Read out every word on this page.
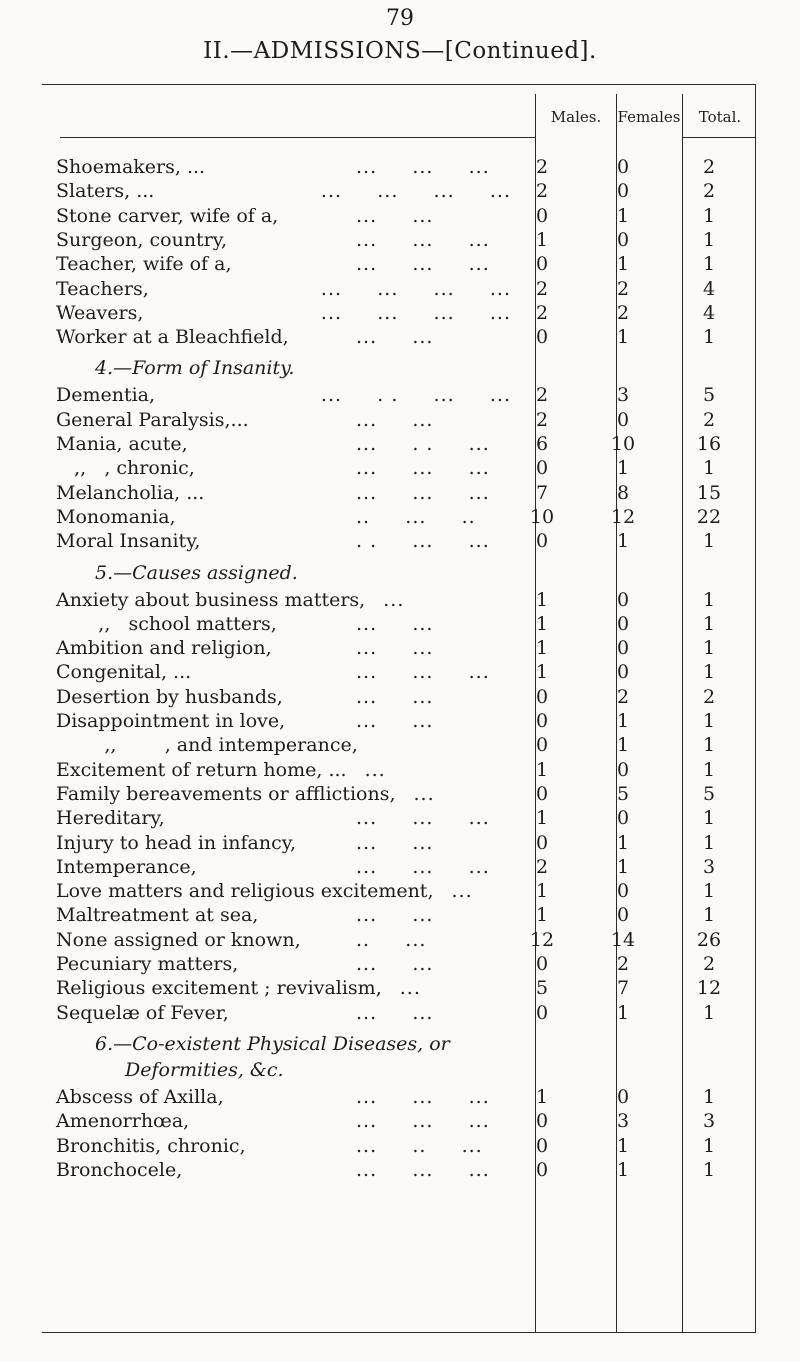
79
II.—ADMISSIONS—[Continued].
Males.	Females	Total.
Shoemakers, ...	...     ...     ...	2	0	2
Slaters, ...	...     ...     ...     ...	2	0	2
Stone carver, wife of a,	...     ...	0	1	1
Surgeon, country,	...     ...     ...	1	0	1
Teacher, wife of a,	...     ...     ...	0	1	1
Teachers,	...     ...     ...     ...	2	2	4
Weavers,	...     ...     ...     ...	2	2	4
Worker at a Bleachfield,	...     ...	0	1	1
4.—Form of Insanity.
Dementia,	...     . .     ...     ...	2	3	5
General Paralysis,...	...     ...	2	0	2
Mania, acute,	...     . .     ...	6	10	16
,,   , chronic,	...     ...     ...	0	1	1
Melancholia, ...	...     ...     ...	7	8	15
Monomania,	..     ...     ..	10	12	22
Moral Insanity,	. .     ...     ...	0	1	1
5.—Causes assigned.
Anxiety about business matters, ...	1	0	1
,,   school matters,	...     ...	1	0	1
Ambition and religion,	...     ...	1	0	1
Congenital, ...	...     ...     ...	1	0	1
Desertion by husbands,	...     ...	0	2	2
Disappointment in love,	...     ...	0	1	1
,,        , and intemperance,	0	1	1
Excitement of return home, ... ...	1	0	1
Family bereavements or afflictions, ...	0	5	5
Hereditary,	...     ...     ...	1	0	1
Injury to head in infancy,	...     ...	0	1	1
Intemperance,	...     ...     ...	2	1	3
Love matters and religious excitement, ...	1	0	1
Maltreatment at sea,	...     ...	1	0	1
None assigned or known,	..     ...	12	14	26
Pecuniary matters,	...     ...	0	2	2
Religious excitement ; revivalism, ...	5	7	12
Sequelæ of Fever,	...     ...	0	1	1
6.—Co-existent Physical Diseases, or
Deformities, &c.
Abscess of Axilla,	...     ...     ...	1	0	1
Amenorrhœa,	...     ...     ...	0	3	3
Bronchitis, chronic,	...     ..     ...	0	1	1
Bronchocele,	...     ...     ...	0	1	1
